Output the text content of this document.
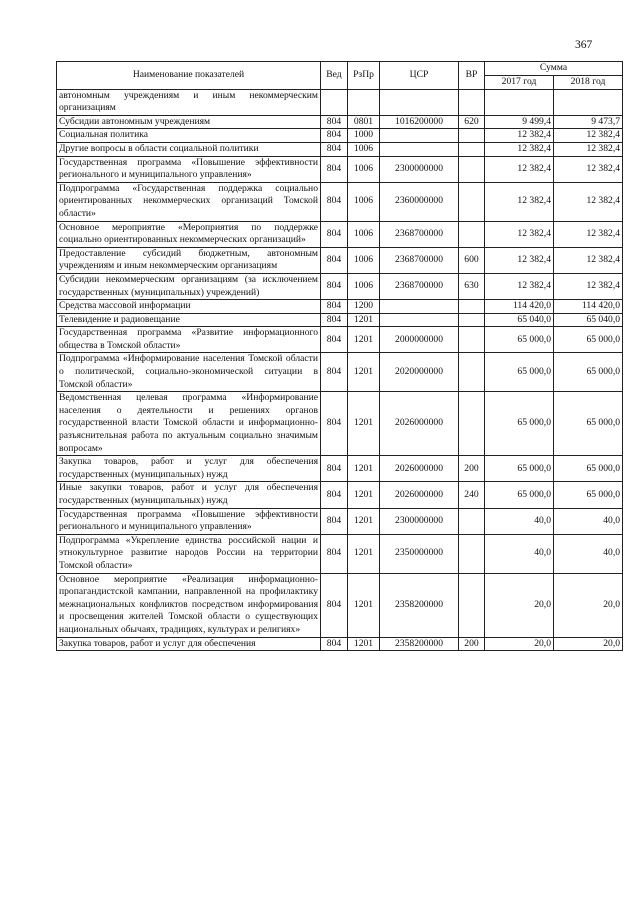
367
Наименование показателей	Вед	РзПр	ЦСР	ВР	Сумма	
					2017 год	2018 год
автономным учреждениям и иным некоммерческим организациям						
Субсидии автономным учреждениям	804	0801	1016200000	620	9 499,4	9 473,7
Социальная политика	804	1000			12 382,4	12 382,4
Другие вопросы в области социальной политики	804	1006			12 382,4	12 382,4
Государственная программа «Повышение эффективности регионального и муниципального управления»	804	1006	2300000000		12 382,4	12 382,4
Подпрограмма «Государственная поддержка социально ориентированных некоммерческих организаций Томской области»	804	1006	2360000000		12 382,4	12 382,4
Основное мероприятие «Мероприятия по поддержке социально ориентированных некоммерческих организаций»	804	1006	2368700000		12 382,4	12 382,4
Предоставление субсидий бюджетным, автономным учреждениям и иным некоммерческим организациям	804	1006	2368700000	600	12 382,4	12 382,4
Субсидии некоммерческим организациям (за исключением государственных (муниципальных) учреждений)	804	1006	2368700000	630	12 382,4	12 382,4
Средства массовой информации	804	1200			114 420,0	114 420,0
Телевидение и радиовещание	804	1201			65 040,0	65 040,0
Государственная программа «Развитие информационного общества в Томской области»	804	1201	2000000000		65 000,0	65 000,0
Подпрограмма «Информирование населения Томской области о политической, социально-экономической ситуации в Томской области»	804	1201	2020000000		65 000,0	65 000,0
Ведомственная целевая программа «Информирование населения о деятельности и решениях органов государственной власти Томской области и информационно-разъяснительная работа по актуальным социально значимым вопросам»	804	1201	2026000000		65 000,0	65 000,0
Закупка товаров, работ и услуг для обеспечения государственных (муниципальных) нужд	804	1201	2026000000	200	65 000,0	65 000,0
Иные закупки товаров, работ и услуг для обеспечения государственных (муниципальных) нужд	804	1201	2026000000	240	65 000,0	65 000,0
Государственная программа «Повышение эффективности регионального и муниципального управления»	804	1201	2300000000		40,0	40,0
Подпрограмма «Укрепление единства российской нации и этнокультурное развитие народов России на территории Томской области»	804	1201	2350000000		40,0	40,0
Основное мероприятие «Реализация информационно-пропагандистской кампании, направленной на профилактику межнациональных конфликтов посредством информирования и просвещения жителей Томской области о существующих национальных обычаях, традициях, культурах и религиях»	804	1201	2358200000		20,0	20,0
Закупка товаров, работ и услуг для обеспечения	804	1201	2358200000	200	20,0	20,0
